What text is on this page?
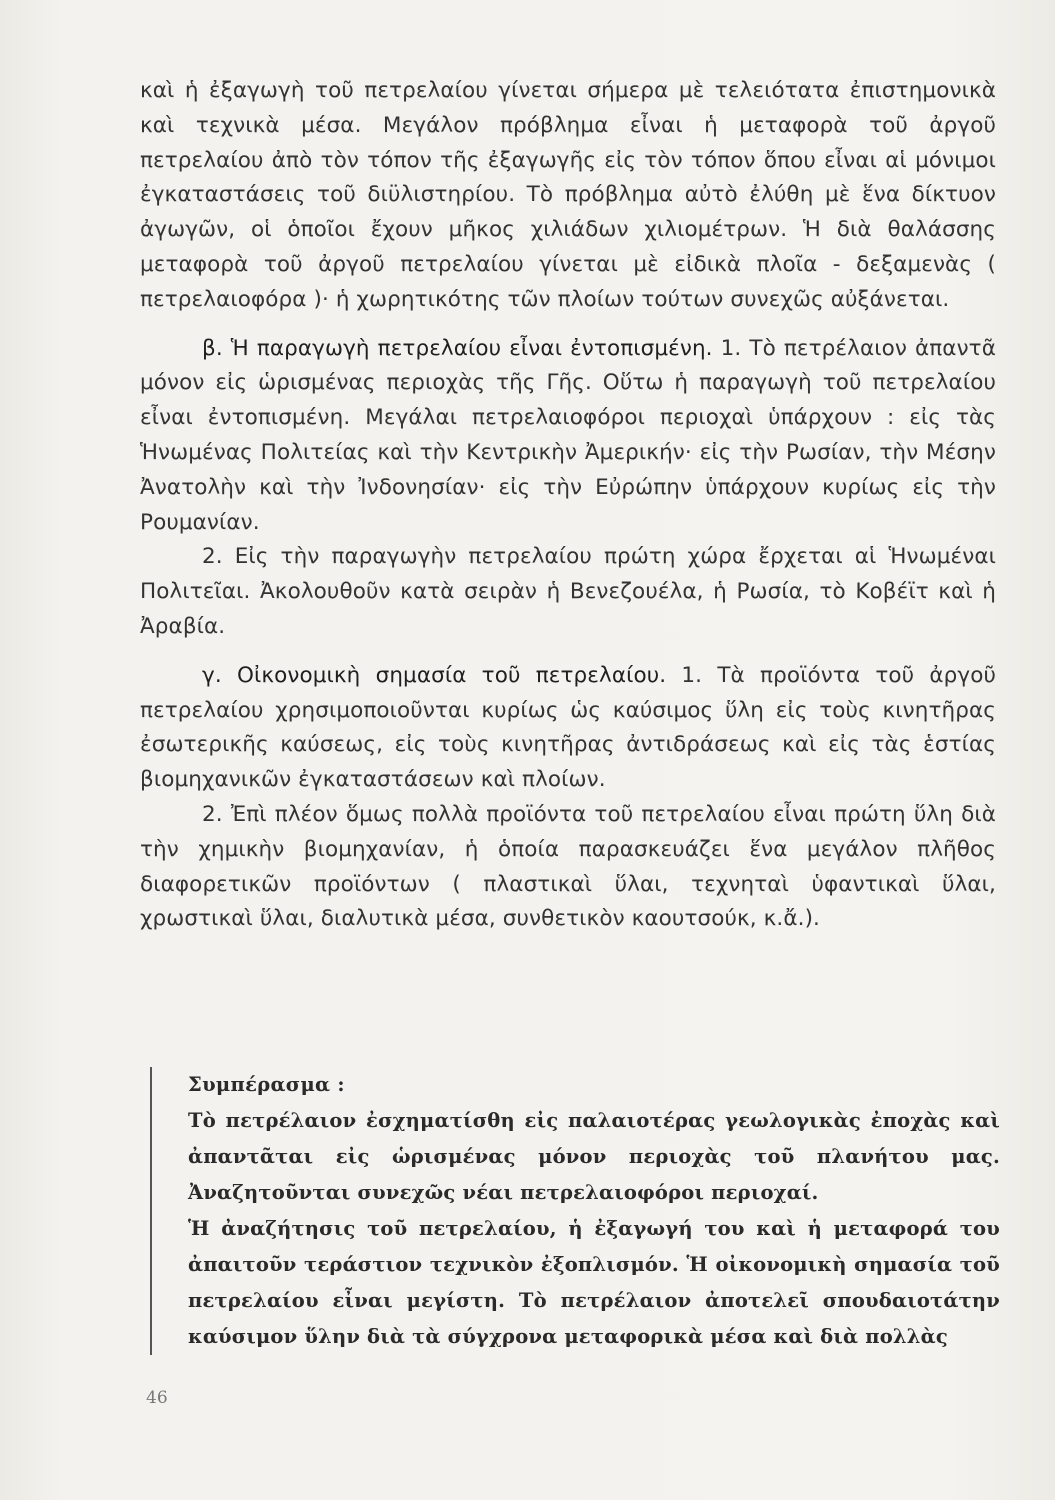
καὶ ἡ ἐξαγωγὴ τοῦ πετρελαίου γίνεται σήμερα μὲ τελειότατα ἐπιστημονικὰ καὶ τεχνικὰ μέσα. Μεγάλον πρόβλημα εἶναι ἡ μεταφορὰ τοῦ ἀργοῦ πετρελαίου ἀπὸ τὸν τόπον τῆς ἐξαγωγῆς εἰς τὸν τόπον ὅπου εἶναι αἱ μόνιμοι ἐγκαταστάσεις τοῦ διϋλιστηρίου. Τὸ πρόβλημα αὐτὸ ἐλύθη μὲ ἕνα δίκτυον ἀγωγῶν, οἱ ὁποῖοι ἔχουν μῆκος χιλιάδων χιλιομέτρων. Ἡ διὰ θαλάσσης μεταφορὰ τοῦ ἀργοῦ πετρελαίου γίνεται μὲ εἰδικὰ πλοῖα - δεξαμενὰς ( πετρελαιοφόρα )· ἡ χωρητικότης τῶν πλοίων τούτων συνεχῶς αὐξάνεται.

β. Ἡ παραγωγὴ πετρελαίου εἶναι ἐντοπισμένη. 1. Τὸ πετρέλαιον ἀπαντᾶ μόνον εἰς ὡρισμένας περιοχὰς τῆς Γῆς. Οὕτω ἡ παραγωγὴ τοῦ πετρελαίου εἶναι ἐντοπισμένη. Μεγάλαι πετρελαιοφόροι περιοχαὶ ὑπάρχουν : εἰς τὰς Ἡνωμένας Πολιτείας καὶ τὴν Κεντρικὴν Ἀμερικήν· εἰς τὴν Ρωσίαν, τὴν Μέσην Ἀνατολὴν καὶ τὴν Ἰνδονησίαν· εἰς τὴν Εὐρώπην ὑπάρχουν κυρίως εἰς τὴν Ρουμανίαν.

2. Εἰς τὴν παραγωγὴν πετρελαίου πρώτη χώρα ἔρχεται αἱ Ἡνωμέναι Πολιτεῖαι. Ἀκολουθοῦν κατὰ σειρὰν ἡ Βενεζουέλα, ἡ Ρωσία, τὸ Κοβέϊτ καὶ ἡ Ἀραβία.

γ. Οἰκονομικὴ σημασία τοῦ πετρελαίου. 1. Τὰ προϊόντα τοῦ ἀργοῦ πετρελαίου χρησιμοποιοῦνται κυρίως ὡς καύσιμος ὕλη εἰς τοὺς κινητῆρας ἐσωτερικῆς καύσεως, εἰς τοὺς κινητῆρας ἀντιδράσεως καὶ εἰς τὰς ἑστίας βιομηχανικῶν ἐγκαταστάσεων καὶ πλοίων.

2. Ἐπὶ πλέον ὅμως πολλὰ προϊόντα τοῦ πετρελαίου εἶναι πρώτη ὕλη διὰ τὴν χημικὴν βιομηχανίαν, ἡ ὁποία παρασκευάζει ἕνα μεγάλον πλῆθος διαφορετικῶν προϊόντων ( πλαστικαὶ ὕλαι, τεχνηταὶ ὑφαντικαὶ ὕλαι, χρωστικαὶ ὕλαι, διαλυτικὰ μέσα, συνθετικὸν καουτσούκ, κ.ἄ.).

Συμπέρασμα :

Τὸ πετρέλαιον ἐσχηματίσθη εἰς παλαιοτέρας γεωλογικὰς ἐποχὰς καὶ ἀπαντᾶται εἰς ὡρισμένας μόνον περιοχὰς τοῦ πλανήτου μας. Ἀναζητοῦνται συνεχῶς νέαι πετρελαιοφόροι περιοχαί.

Ἡ ἀναζήτησις τοῦ πετρελαίου, ἡ ἐξαγωγή του καὶ ἡ μεταφορά του ἀπαιτοῦν τεράστιον τεχνικὸν ἐξοπλισμόν. Ἡ οἰκονομικὴ σημασία τοῦ πετρελαίου εἶναι μεγίστη. Τὸ πετρέλαιον ἀποτελεῖ σπουδαιοτάτην καύσιμον ὕλην διὰ τὰ σύγχρονα μεταφορικὰ μέσα καὶ διὰ πολλὰς

46
